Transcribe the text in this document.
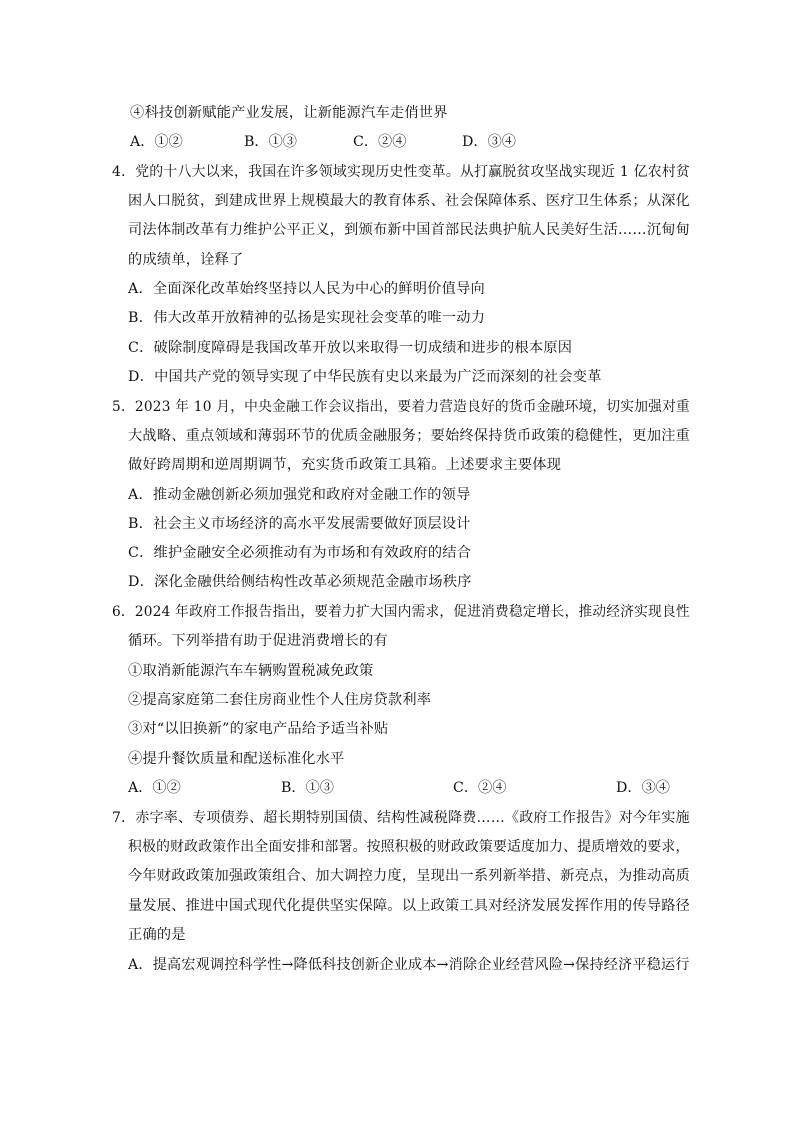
④科技创新赋能产业发展，让新能源汽车走俏世界
A．①②	B．①③	C．②④	D．③④
4．党的十八大以来，我国在许多领域实现历史性变革。从打赢脱贫攻坚战实现近 1 亿农村贫
困人口脱贫，到建成世界上规模最大的教育体系、社会保障体系、医疗卫生体系；从深化
司法体制改革有力维护公平正义，到颁布新中国首部民法典护航人民美好生活……沉甸甸
的成绩单，诠释了
A．全面深化改革始终坚持以人民为中心的鲜明价值导向
B．伟大改革开放精神的弘扬是实现社会变革的唯一动力
C．破除制度障碍是我国改革开放以来取得一切成绩和进步的根本原因
D．中国共产党的领导实现了中华民族有史以来最为广泛而深刻的社会变革
5．2023 年 10 月，中央金融工作会议指出，要着力营造良好的货币金融环境，切实加强对重
大战略、重点领域和薄弱环节的优质金融服务；要始终保持货币政策的稳健性，更加注重
做好跨周期和逆周期调节，充实货币政策工具箱。上述要求主要体现
A．推动金融创新必须加强党和政府对金融工作的领导
B．社会主义市场经济的高水平发展需要做好顶层设计
C．维护金融安全必须推动有为市场和有效政府的结合
D．深化金融供给侧结构性改革必须规范金融市场秩序
6．2024 年政府工作报告指出，要着力扩大国内需求，促进消费稳定增长，推动经济实现良性
循环。下列举措有助于促进消费增长的有
①取消新能源汽车车辆购置税减免政策
②提高家庭第二套住房商业性个人住房贷款利率
③对“以旧换新”的家电产品给予适当补贴
④提升餐饮质量和配送标准化水平
A．①②	B．①③	C．②④	D．③④
7．赤字率、专项债券、超长期特别国债、结构性减税降费……《政府工作报告》对今年实施
积极的财政政策作出全面安排和部署。按照积极的财政政策要适度加力、提质增效的要求，
今年财政政策加强政策组合、加大调控力度，呈现出一系列新举措、新亮点，为推动高质
量发展、推进中国式现代化提供坚实保障。以上政策工具对经济发展发挥作用的传导路径
正确的是
A．提高宏观调控科学性→降低科技创新企业成本→消除企业经营风险→保持经济平稳运行
